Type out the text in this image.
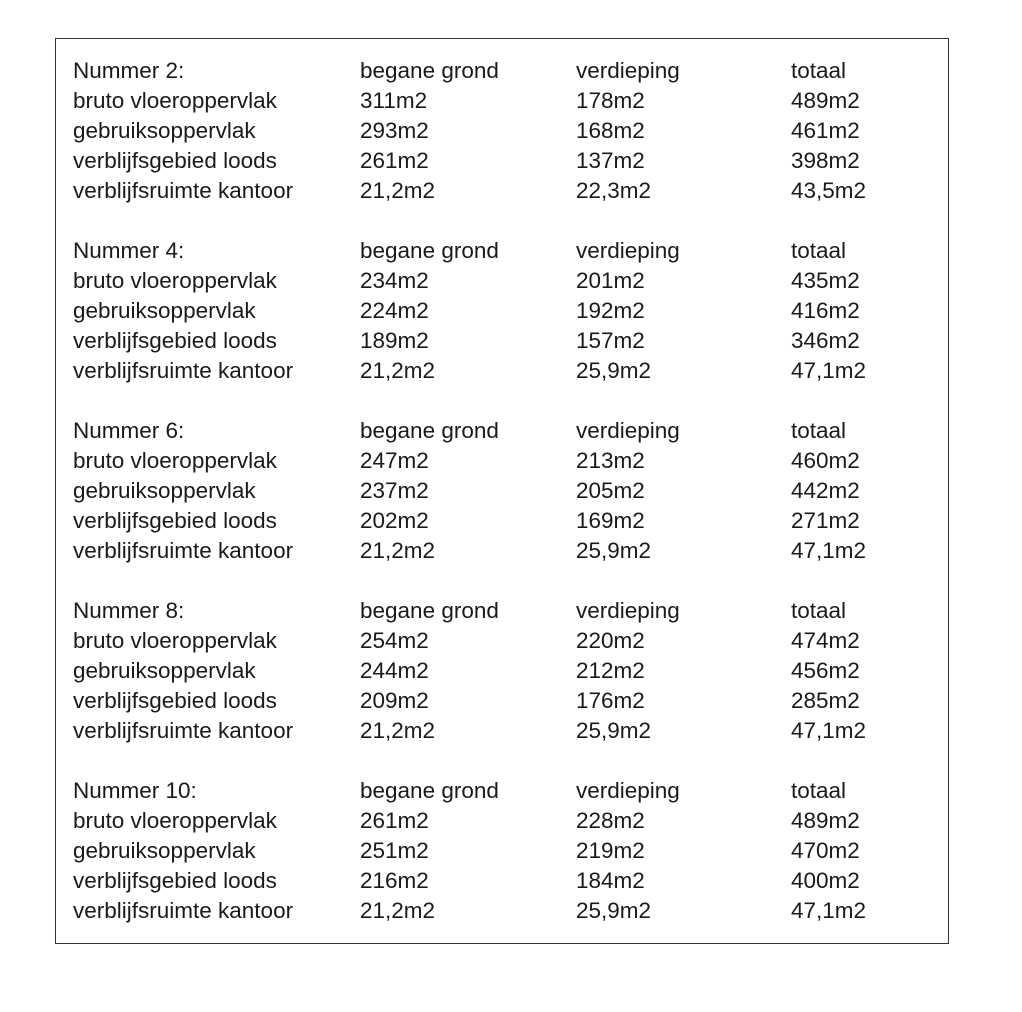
Nummer 2:	begane grond	verdieping	totaal
bruto vloeroppervlak	311m2	178m2	489m2
gebruiksoppervlak	293m2	168m2	461m2
verblijfsgebied loods	261m2	137m2	398m2
verblijfsruimte kantoor	21,2m2	22,3m2	43,5m2
Nummer 4:	begane grond	verdieping	totaal
bruto vloeroppervlak	234m2	201m2	435m2
gebruiksoppervlak	224m2	192m2	416m2
verblijfsgebied loods	189m2	157m2	346m2
verblijfsruimte kantoor	21,2m2	25,9m2	47,1m2
Nummer 6:	begane grond	verdieping	totaal
bruto vloeroppervlak	247m2	213m2	460m2
gebruiksoppervlak	237m2	205m2	442m2
verblijfsgebied loods	202m2	169m2	271m2
verblijfsruimte kantoor	21,2m2	25,9m2	47,1m2
Nummer 8:	begane grond	verdieping	totaal
bruto vloeroppervlak	254m2	220m2	474m2
gebruiksoppervlak	244m2	212m2	456m2
verblijfsgebied loods	209m2	176m2	285m2
verblijfsruimte kantoor	21,2m2	25,9m2	47,1m2
Nummer 10:	begane grond	verdieping	totaal
bruto vloeroppervlak	261m2	228m2	489m2
gebruiksoppervlak	251m2	219m2	470m2
verblijfsgebied loods	216m2	184m2	400m2
verblijfsruimte kantoor	21,2m2	25,9m2	47,1m2
